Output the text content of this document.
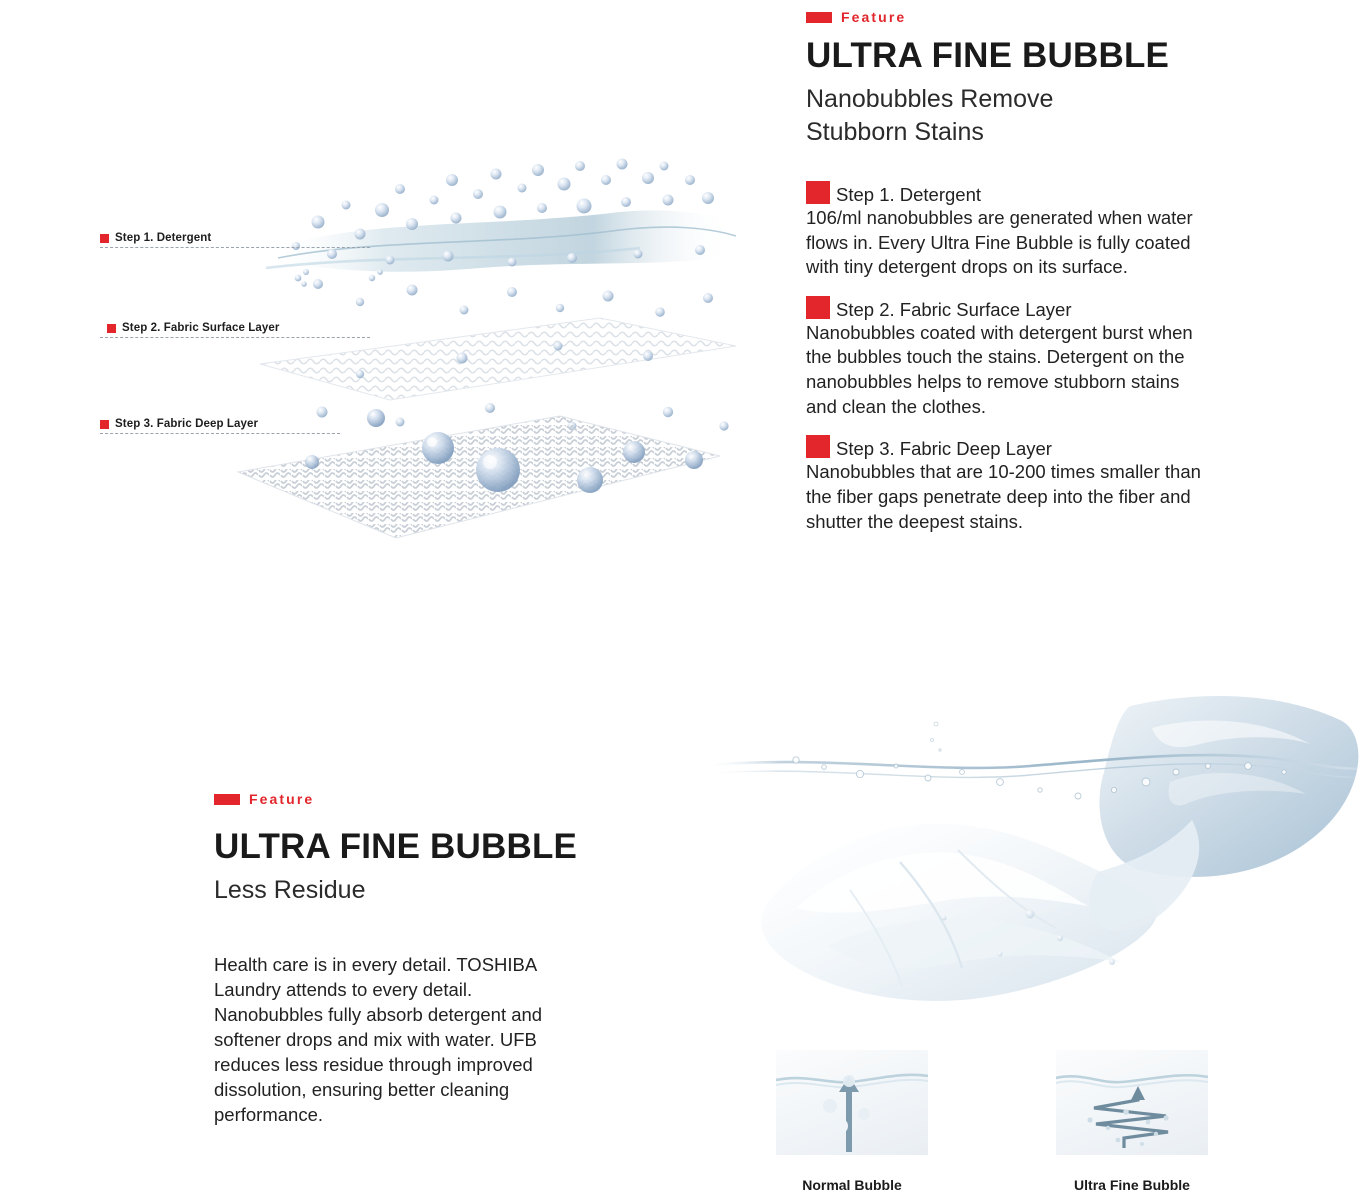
Step 1. Detergent
Step 2. Fabric Surface Layer
Step 3. Fabric Deep Layer
Feature
ULTRA FINE BUBBLE
Nanobubbles Remove
Stubborn Stains
Step 1. Detergent

106/ml nanobubbles are generated when water flows in. Every Ultra Fine Bubble is fully coated with tiny detergent drops on its surface.

Step 2. Fabric Surface Layer

Nanobubbles coated with detergent burst when the bubbles touch the stains. Detergent on the nanobubbles helps to remove stubborn stains and clean the clothes.

Step 3. Fabric Deep Layer

Nanobubbles that are 10-200 times smaller than the fiber gaps penetrate deep into the fiber and shutter the deepest stains.

Feature
ULTRA FINE BUBBLE
Less Residue

Health care is in every detail. TOSHIBA Laundry attends to every detail. Nanobubbles fully absorb detergent and softener drops and mix with water. UFB reduces less residue through improved dissolution, ensuring better cleaning performance.

Normal Bubble	Ultra Fine Bubble
